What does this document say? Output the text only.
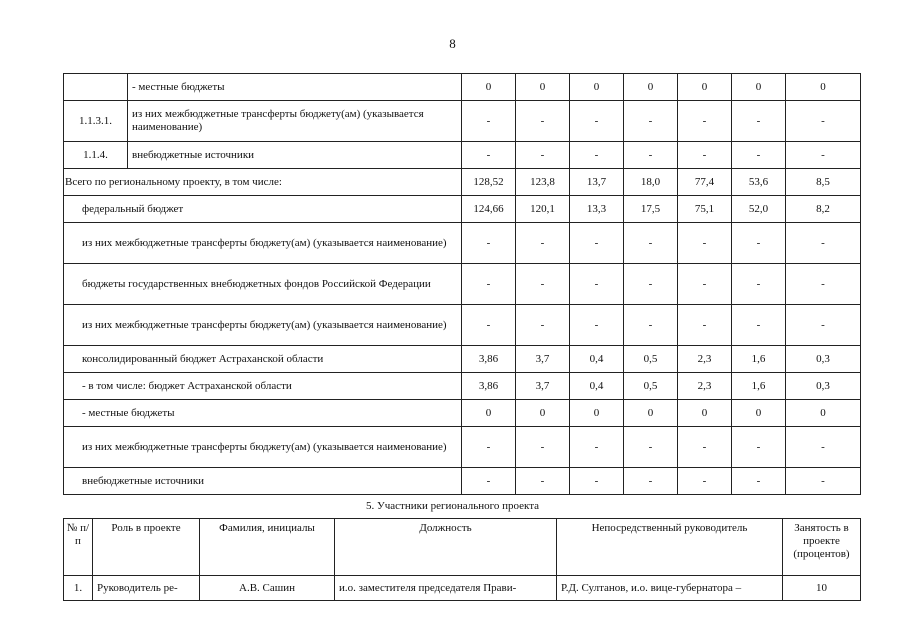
8
	- местные бюджеты	0	0	0	0	0	0	0
1.1.3.1.	из них межбюджетные трансферты бюджету(ам) (указывается наименование)	-	-	-	-	-	-	-
1.1.4.	внебюджетные источники	-	-	-	-	-	-	-
Всего по региональному проекту, в том числе:		128,52	123,8	13,7	18,0	77,4	53,6	8,5
федеральный бюджет		124,66	120,1	13,3	17,5	75,1	52,0	8,2
из них межбюджетные трансферты бюджету(ам) (указывается наименование)		-	-	-	-	-	-	-
бюджеты государственных внебюджетных фондов Российской Федерации		-	-	-	-	-	-	-
из них межбюджетные трансферты бюджету(ам) (указывается наименование)		-	-	-	-	-	-	-
консолидированный бюджет Астраханской области		3,86	3,7	0,4	0,5	2,3	1,6	0,3
- в том числе: бюджет Астраханской области		3,86	3,7	0,4	0,5	2,3	1,6	0,3
- местные бюджеты		0	0	0	0	0	0	0
из них межбюджетные трансферты бюджету(ам) (указывается наименование)		-	-	-	-	-	-	-
внебюджетные источники		-	-	-	-	-	-	-
5. Участники регионального проекта
№ п/п	Роль в проекте	Фамилия, инициалы	Должность	Непосредственный руководитель	Занятость в проекте (процентов)
1.	Руководитель ре-	А.В. Сашин	и.о. заместителя председателя Прави-	Р.Д. Султанов, и.о. вице-губернатора –	10
